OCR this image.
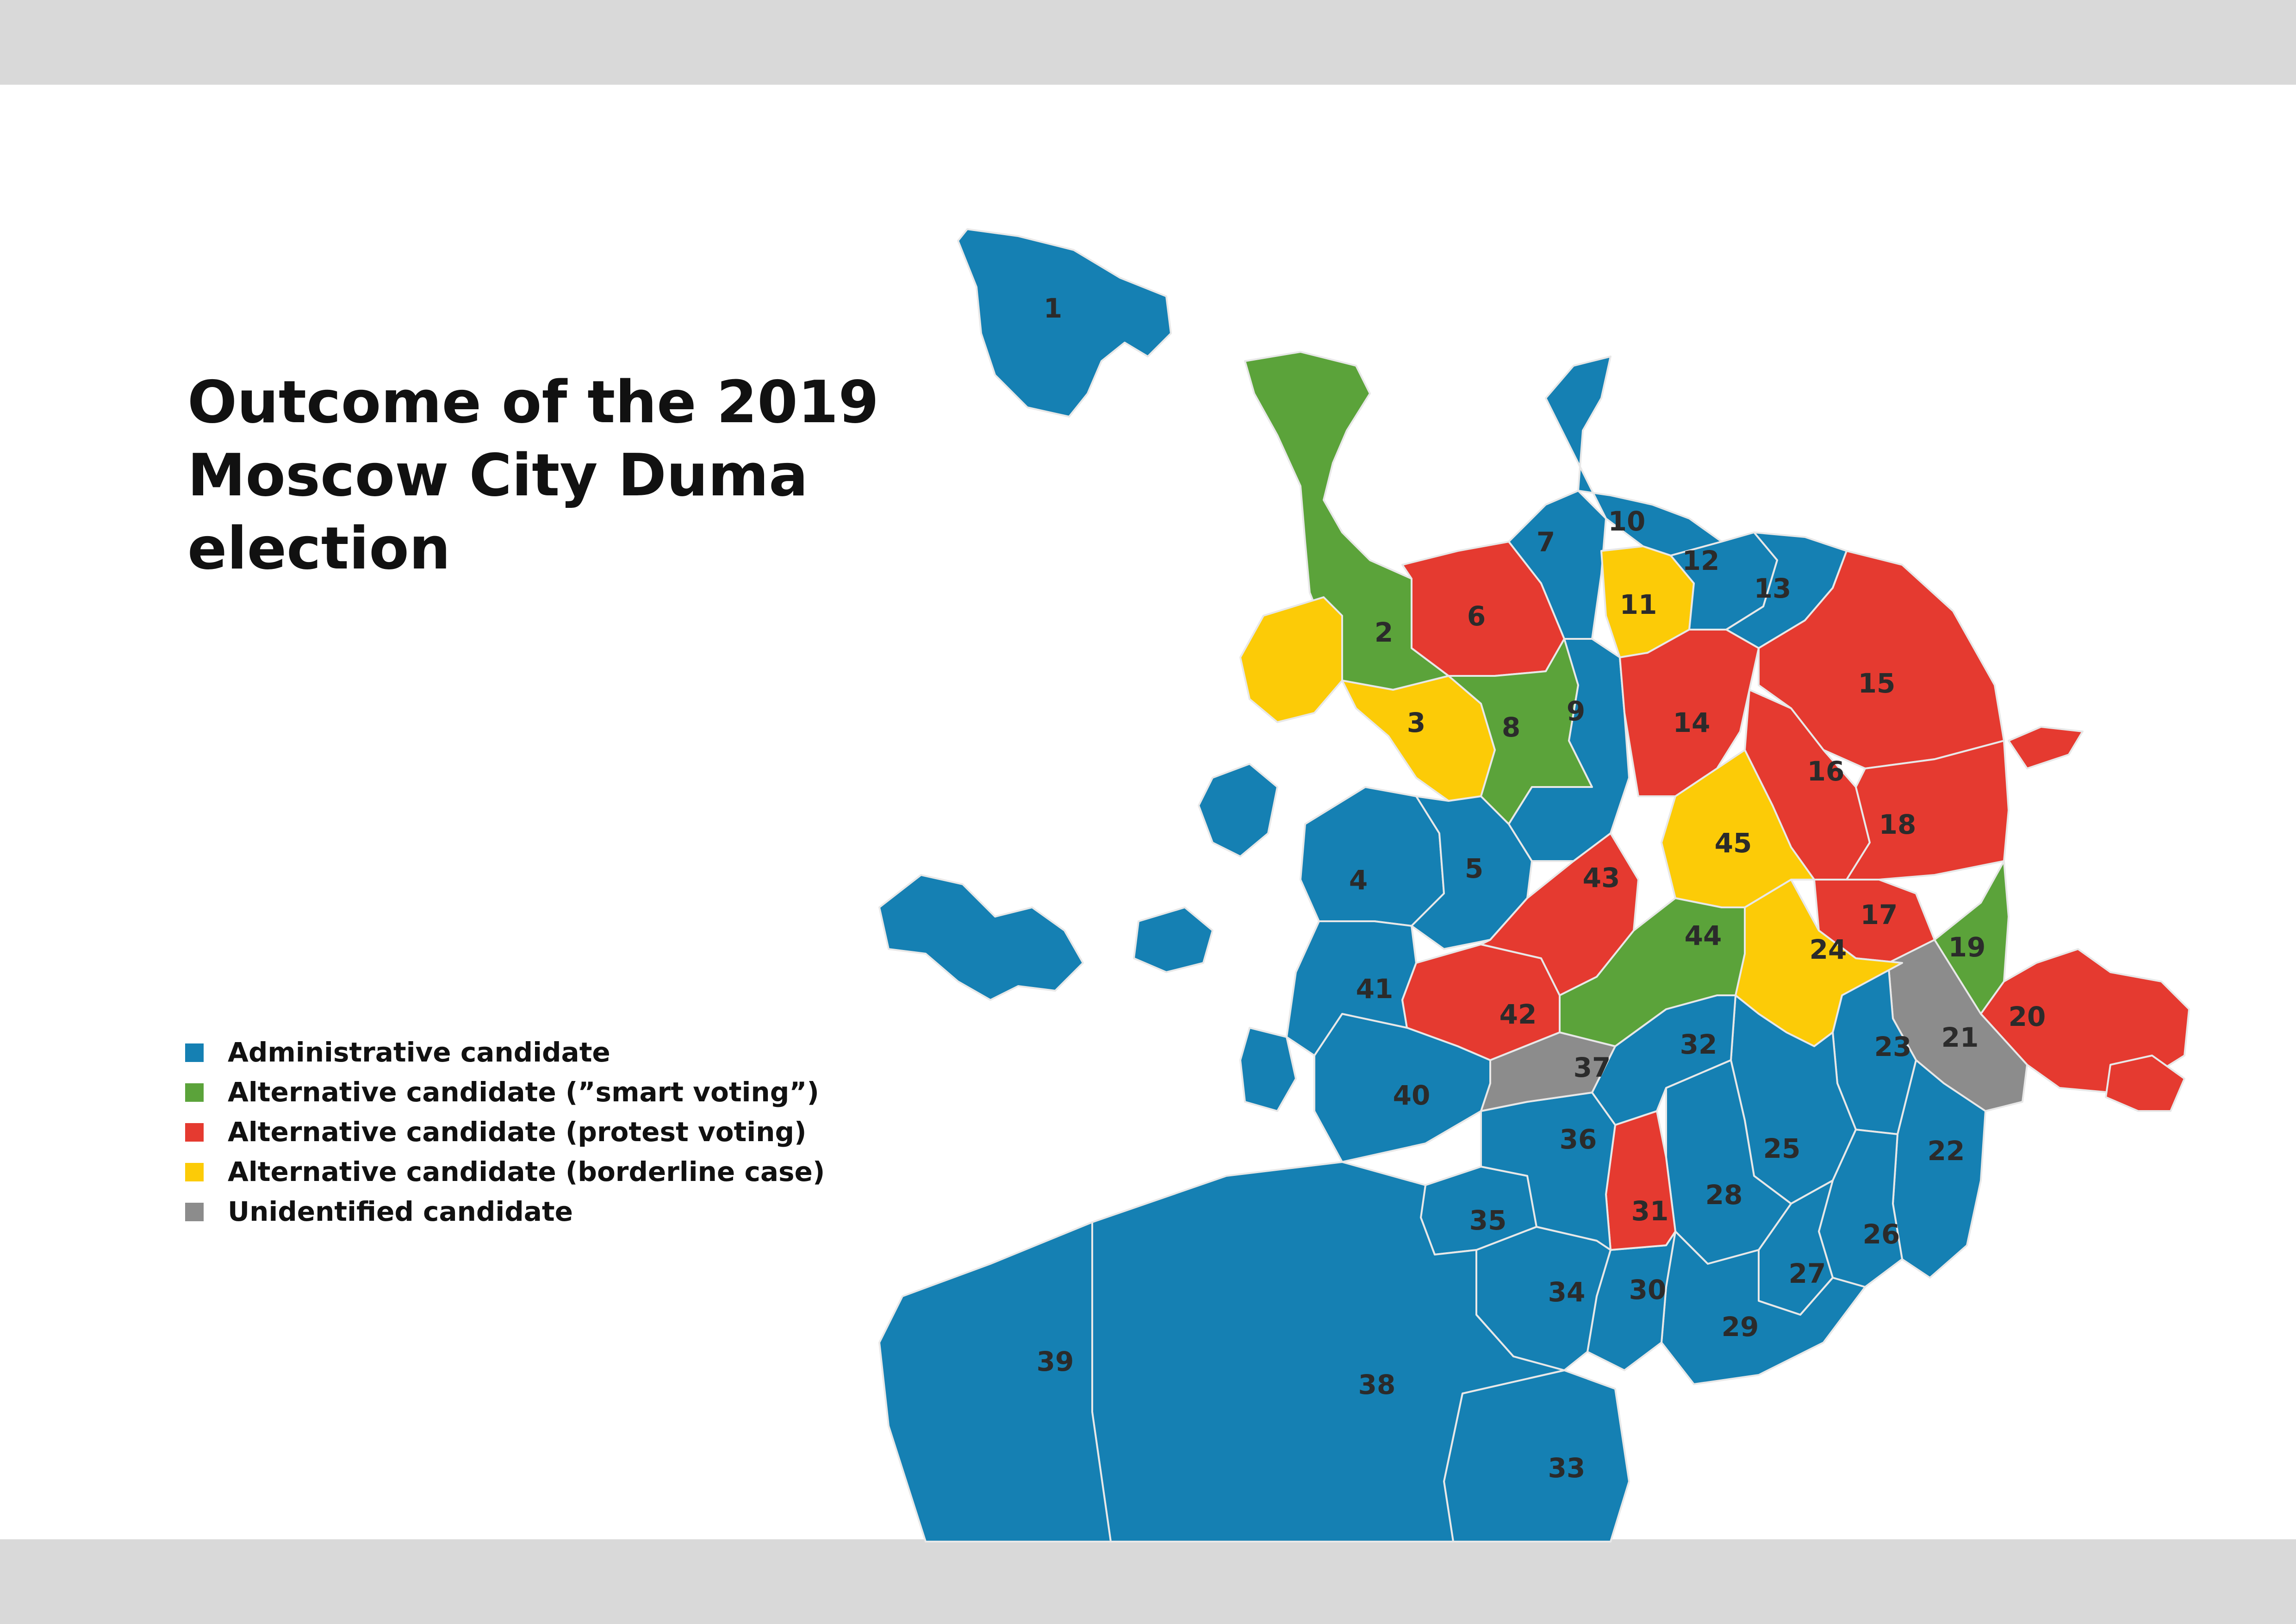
Outcome of the 2019
Moscow City Duma
election
Administrative candidate
Alternative candidate (”smart voting”)
Alternative candidate (protest voting)
Alternative candidate (borderline case)
Unidentified candidate
1
2
3
4	5
6
7
8
9
10
11
12
13
14
15
16
17
18
19
20
21
22
23
24
25
26
27
28
29
30
31
32
33
34
35
36
37
38
39
40
41
42
43
44
45
